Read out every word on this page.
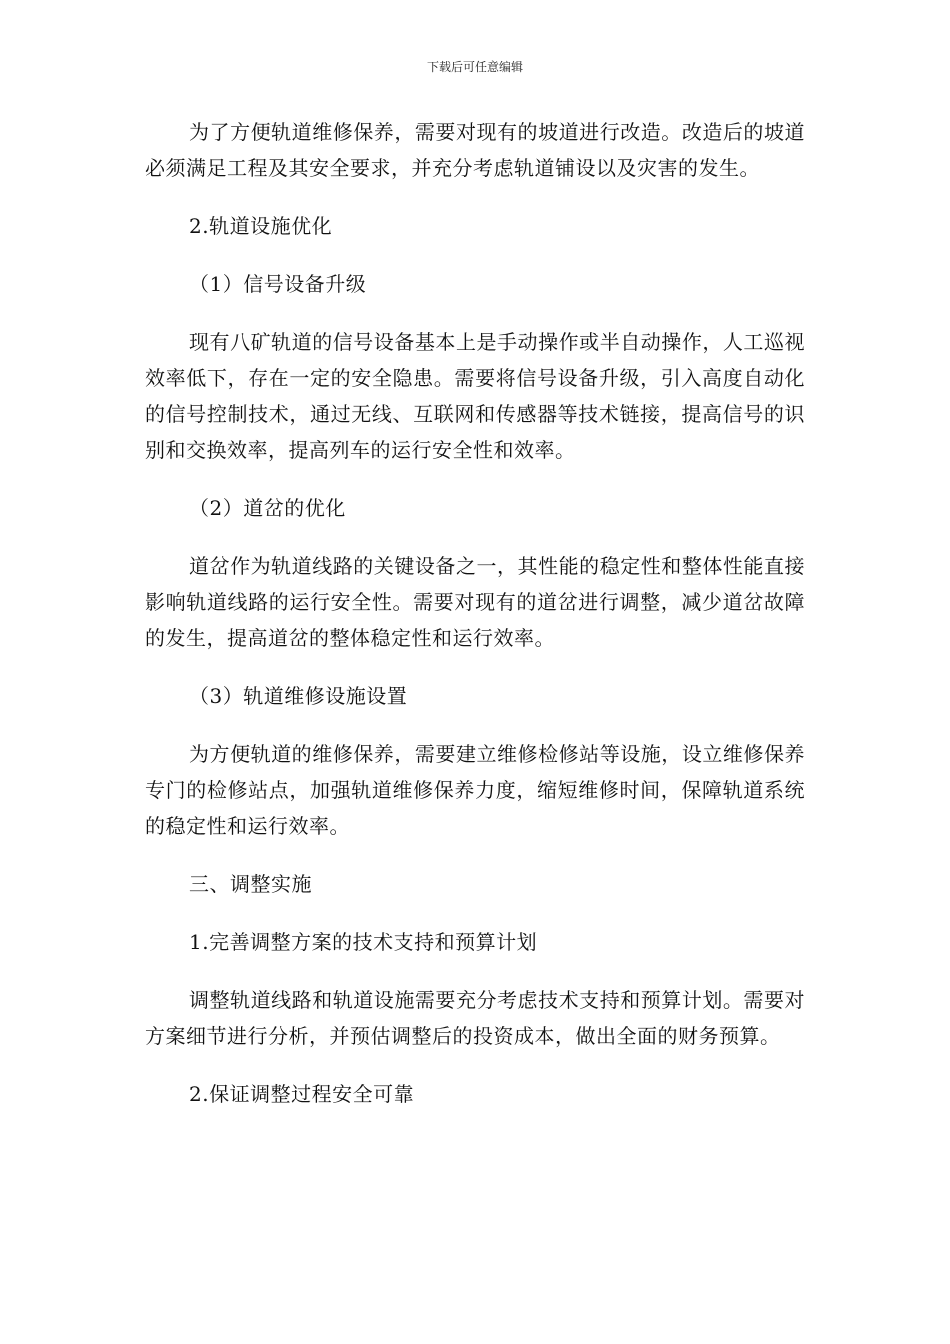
下载后可任意编辑

为了方便轨道维修保养，需要对现有的坡道进行改造。改造后的坡道必须满足工程及其安全要求，并充分考虑轨道铺设以及灾害的发生。

2.轨道设施优化

（1）信号设备升级

现有八矿轨道的信号设备基本上是手动操作或半自动操作，人工巡视效率低下，存在一定的安全隐患。需要将信号设备升级，引入高度自动化的信号控制技术，通过无线、互联网和传感器等技术链接，提高信号的识别和交换效率，提高列车的运行安全性和效率。

（2）道岔的优化

道岔作为轨道线路的关键设备之一，其性能的稳定性和整体性能直接影响轨道线路的运行安全性。需要对现有的道岔进行调整，减少道岔故障的发生，提高道岔的整体稳定性和运行效率。

（3）轨道维修设施设置

为方便轨道的维修保养，需要建立维修检修站等设施，设立维修保养专门的检修站点，加强轨道维修保养力度，缩短维修时间，保障轨道系统的稳定性和运行效率。

三、调整实施

1.完善调整方案的技术支持和预算计划

调整轨道线路和轨道设施需要充分考虑技术支持和预算计划。需要对方案细节进行分析，并预估调整后的投资成本，做出全面的财务预算。

2.保证调整过程安全可靠
